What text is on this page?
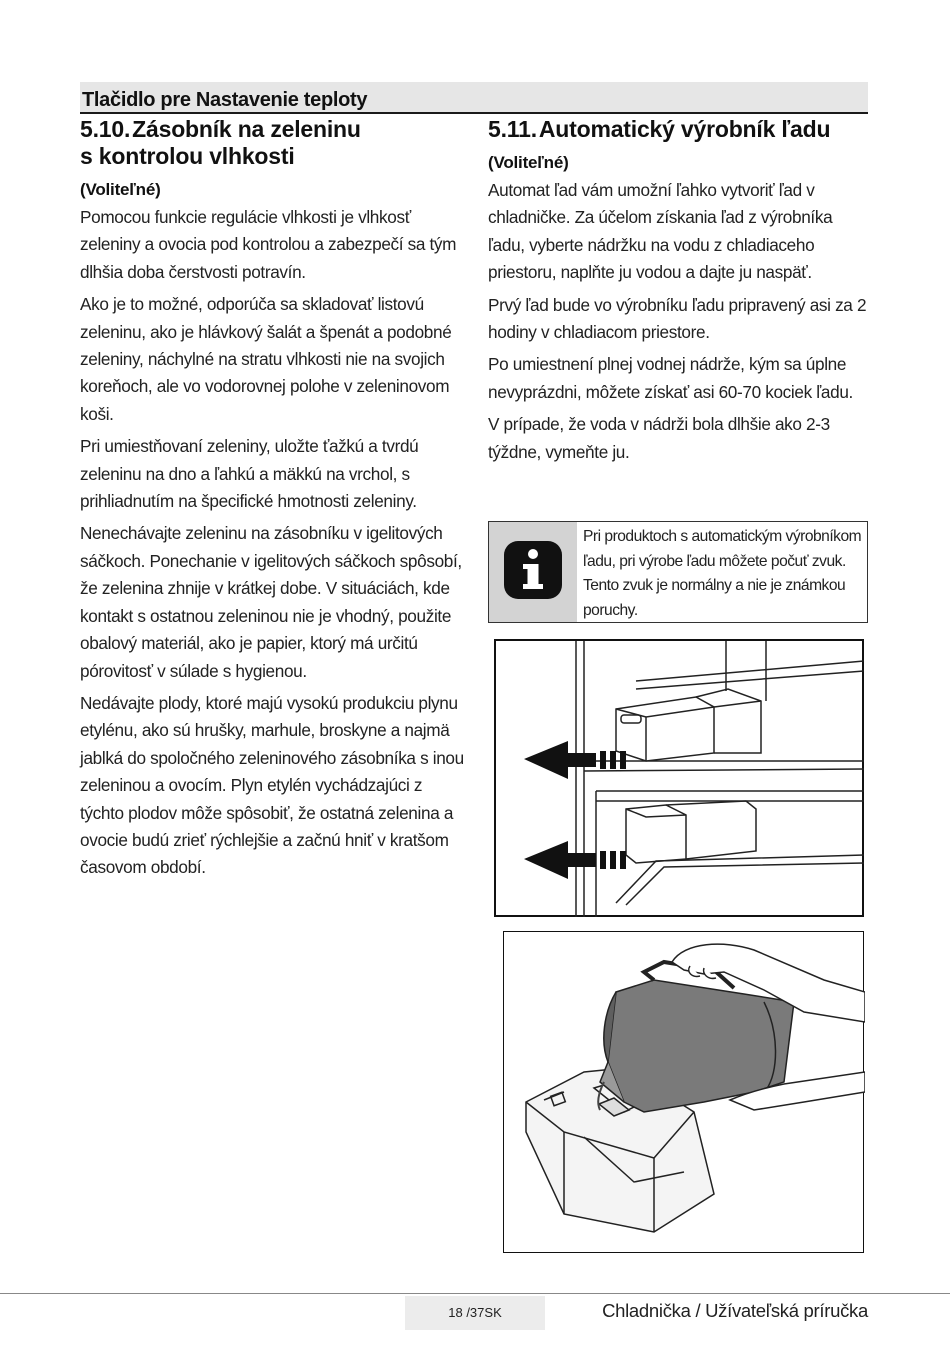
Tlačidlo pre Nastavenie teploty
5.10.Zásobník na zeleninu
s kontrolou vlhkosti
(Voliteľné)

Pomocou funkcie regulácie vlhkosti je vlhkosť zeleniny a ovocia pod kontrolou a zabezpečí sa tým dlhšia doba čerstvosti potravín.

Ako je to možné, odporúča sa skladovať listovú zeleninu, ako je hlávkový šalát a špenát a podobné zeleniny, náchylné na stratu vlhkosti nie na svojich koreňoch, ale vo vodorovnej polohe v zeleninovom koši.

Pri umiestňovaní zeleniny, uložte ťažkú a tvrdú zeleninu na dno a ľahkú a mäkkú na vrchol, s prihliadnutím na špecifické hmotnosti zeleniny.

Nenechávajte zeleninu na zásobníku v igelitových sáčkoch. Ponechanie v igelitových sáčkoch spôsobí, že zelenina zhnije v krátkej dobe. V situáciách, kde kontakt s ostatnou zeleninou nie je vhodný, použite obalový materiál, ako je papier, ktorý má určitú pórovitosť v súlade s hygienou.

Nedávajte plody, ktoré majú vysokú produkciu plynu etylénu, ako sú hrušky, marhule, broskyne a najmä jablká do spoločného zeleninového zásobníka s inou zeleninou a ovocím. Plyn etylén vychádzajúci z týchto plodov môže spôsobiť, že ostatná zelenina a ovocie budú zrieť rýchlejšie a začnú hniť v kratšom časovom období.

5.11.Automatický výrobník ľadu
(Voliteľné)

Automat ľad vám umožní ľahko vytvoriť ľad v chladničke. Za účelom získania ľad z výrobníka ľadu, vyberte nádržku na vodu z chladiaceho priestoru, naplňte ju vodou a dajte ju naspäť.

Prvý ľad bude vo výrobníku ľadu pripravený asi za 2 hodiny v chladiacom priestore.

Po umiestnení plnej vodnej nádrže, kým sa úplne nevyprázdni, môžete získať asi 60-70 kociek ľadu.

V prípade, že voda v nádrži bola dlhšie ako 2-3 týždne, vymeňte ju.

Pri produktoch s automatickým výrobníkom ľadu, pri výrobe ľadu môžete počuť zvuk. Tento zvuk je normálny a nie je známkou poruchy.
18 /37SK	Chladnička / Užívateľská príručka
